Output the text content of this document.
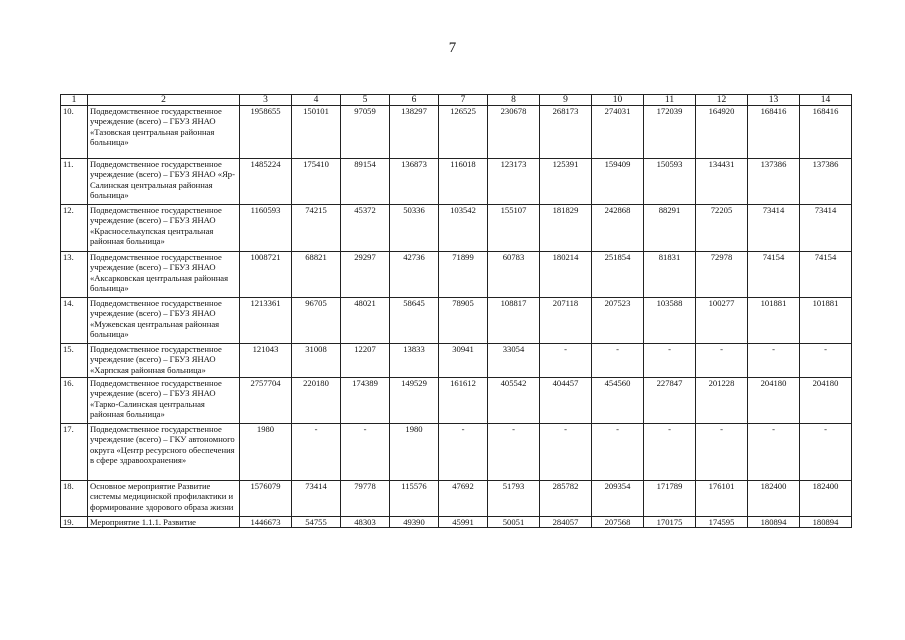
7
1	2	3	4	5	6	7	8	9	10	11	12	13	14
10.	Подведомственное государственное учреждение (всего) – ГБУЗ ЯНАО «Тазовская центральная районная больница»	1958655	150101	97059	138297	126525	230678	268173	274031	172039	164920	168416	168416
11.	Подведомственное государственное учреждение (всего) – ГБУЗ ЯНАО «Яр-Салинская центральная районная больница»	1485224	175410	89154	136873	116018	123173	125391	159409	150593	134431	137386	137386
12.	Подведомственное государственное учреждение (всего) – ГБУЗ ЯНАО «Красноселькупская центральная районная больница»	1160593	74215	45372	50336	103542	155107	181829	242868	88291	72205	73414	73414
13.	Подведомственное государственное учреждение (всего) – ГБУЗ ЯНАО «Аксарковская центральная районная больница»	1008721	68821	29297	42736	71899	60783	180214	251854	81831	72978	74154	74154
14.	Подведомственное государственное учреждение (всего) – ГБУЗ ЯНАО «Мужевская центральная районная больница»	1213361	96705	48021	58645	78905	108817	207118	207523	103588	100277	101881	101881
15.	Подведомственное государственное учреждение (всего) – ГБУЗ ЯНАО «Харпская районная больница»	121043	31008	12207	13833	30941	33054	-	-	-	-	-	-
16.	Подведомственное государственное учреждение (всего) – ГБУЗ ЯНАО «Тарко-Салинская центральная районная больница»	2757704	220180	174389	149529	161612	405542	404457	454560	227847	201228	204180	204180
17.	Подведомственное государственное учреждение (всего) – ГКУ автономного округа «Центр ресурсного обеспечения в сфере здравоохранения»	1980	-	-	1980	-	-	-	-	-	-	-	-
18.	Основное мероприятие Развитие системы медицинской профилактики и формирование здорового образа жизни	1576079	73414	79778	115576	47692	51793	285782	209354	171789	176101	182400	182400
19.	Мероприятие 1.1.1. Развитие	1446673	54755	48303	49390	45991	50051	284057	207568	170175	174595	180894	180894
